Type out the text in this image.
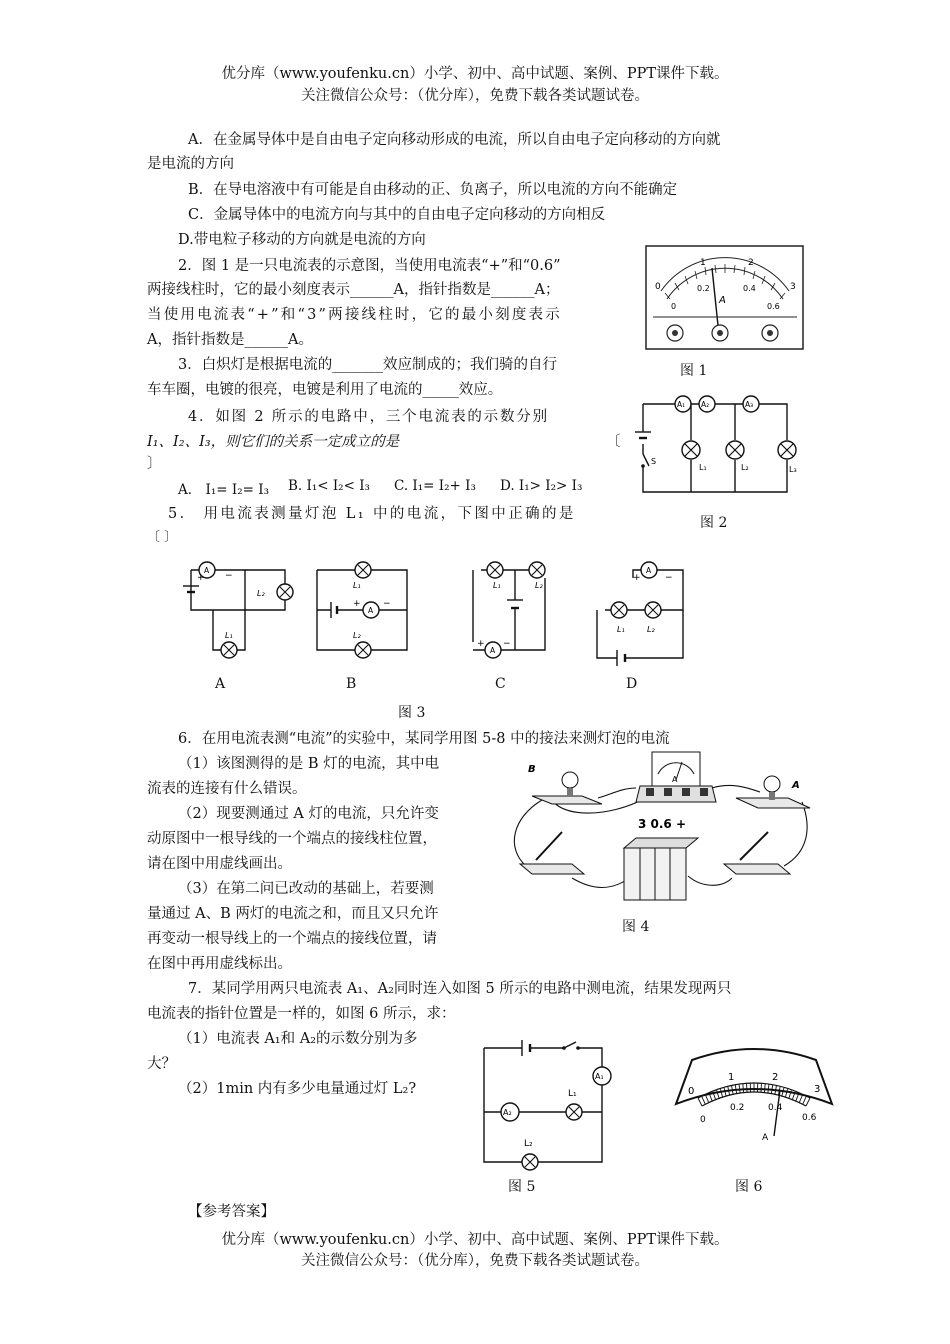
优分库（www.youfenku.cn）小学、初中、高中试题、案例、PPT课件下载。
关注微信公众号：（优分库），免费下载各类试题试卷。
A．在金属导体中是自由电子定向移动形成的电流，所以自由电子定向移动的方向就
是电流的方向
B．在导电溶液中有可能是自由移动的正、负离子，所以电流的方向不能确定
C．金属导体中的电流方向与其中的自由电子定向移动的方向相反
D.带电粒子移动的方向就是电流的方向
2．图 1 是一只电流表的示意图，当使用电流表“+”和“0.6”
两接线柱时，它的最小刻度表示______A，指针指数是______A；
当使用电流表“+”和“3”两接线柱时，它的最小刻度表示
A，指针指数是______A。
3．白炽灯是根据电流的_______效应制成的；我们骑的自行
车车圈，电镀的很亮，电镀是利用了电流的_____效应。
4．如图 2 所示的电路中，三个电流表的示数分别
I₁、I₂、I₃，则它们的关系一定成立的是	〔
〕
A． I₁= I₂= I₃ B. I₁< I₂< I₃ C. I₁= I₂+ I₃ D. I₁> I₂> I₃
5． 用电流表测量灯泡 L₁ 中的电流，下图中正确的是
〔 〕
0
1	2
3
0
0.2	0.4
0.6
A
图 1
A₁ A₂	A₃
L₁	L₂	L₃
S
图 2
A
+ −
L₂
L₁
A
+ −
L₁
L₂
A
+ −
L₁	L₂
A
+	−
L₁	L₂
A	B	C	D
图 3
6．在用电流表测“电流”的实验中，某同学用图 5-8 中的接法来测灯泡的电流
（1）该图测得的是 B 灯的电流，其中电
流表的连接有什么错误。
（2）现要测通过 A 灯的电流，只允许变
动原图中一根导线的一个端点的接线柱位置，
请在图中用虚线画出。
（3）在第二问已改动的基础上，若要测
量通过 A、B 两灯的电流之和，而且又只允许
再变动一根导线上的一个端点的接线位置，请
在图中再用虚线标出。
B
A
3 0.6 +
A
图 4
7．某同学用两只电流表 A₁、A₂同时连入如图 5 所示的电路中测电流，结果发现两只
电流表的指针位置是一样的，如图 6 所示，求：
（1）电流表 A₁和 A₂的示数分别为多
大？
（2）1min 内有多少电量通过灯 L₂?
A₁
A₂
L₁
L₂
图 5
0
1	2
3
0
0.2	0.4
0.6
A
图 6
【参考答案】
优分库（www.youfenku.cn）小学、初中、高中试题、案例、PPT课件下载。
关注微信公众号：（优分库），免费下载各类试题试卷。
